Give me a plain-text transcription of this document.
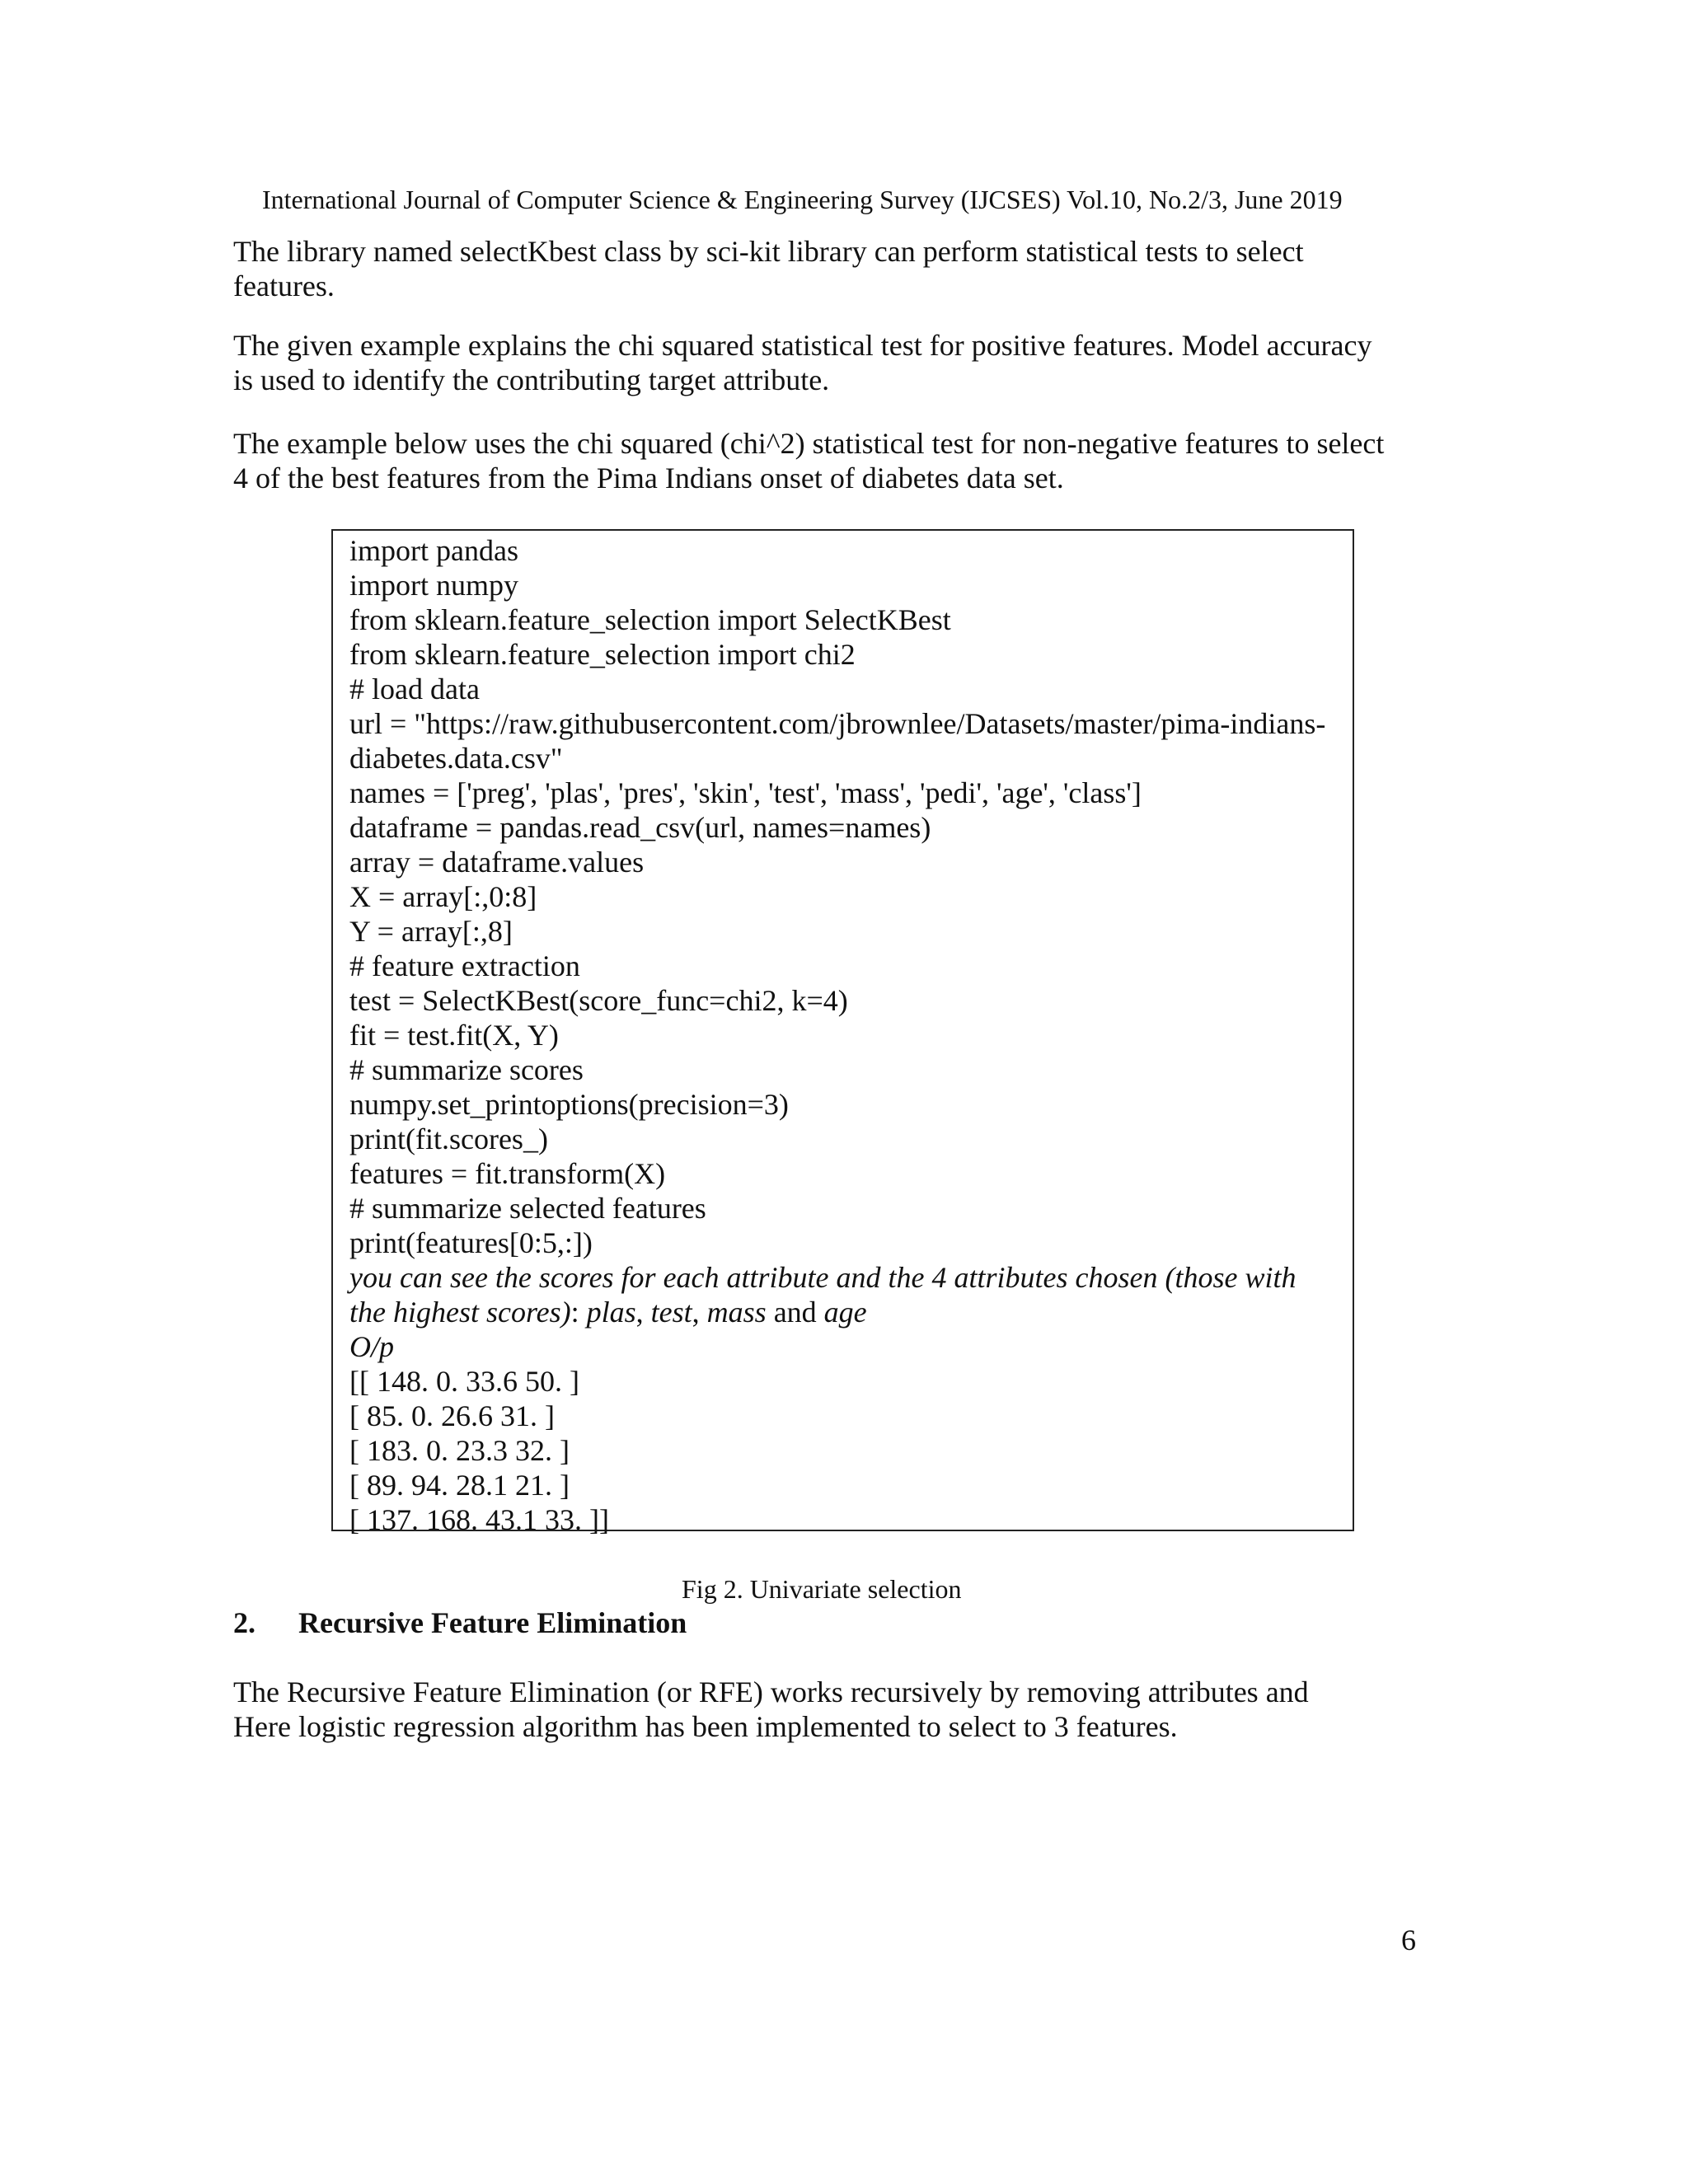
International Journal of Computer Science & Engineering Survey (IJCSES) Vol.10, No.2/3, June 2019
The library named selectKbest class by sci-kit library can perform statistical tests to select
features.
The given example explains the chi squared statistical test for positive features. Model accuracy
is used to identify the contributing target attribute.
The example below uses the chi squared (chi^2) statistical test for non-negative features to select
4 of the best features from the Pima Indians onset of diabetes data set.
import pandas
import numpy
from sklearn.feature_selection import SelectKBest
from sklearn.feature_selection import chi2
# load data
url = "https://raw.githubusercontent.com/jbrownlee/Datasets/master/pima-indians-
diabetes.data.csv"
names = ['preg', 'plas', 'pres', 'skin', 'test', 'mass', 'pedi', 'age', 'class']
dataframe = pandas.read_csv(url, names=names)
array = dataframe.values
X = array[:,0:8]
Y = array[:,8]
# feature extraction
test = SelectKBest(score_func=chi2, k=4)
fit = test.fit(X, Y)
# summarize scores
numpy.set_printoptions(precision=3)
print(fit.scores_)
features = fit.transform(X)
# summarize selected features
print(features[0:5,:])
you can see the scores for each attribute and the 4 attributes chosen (those with
the highest scores): plas, test, mass and age
O/p
[[ 148. 0. 33.6 50. ]
[ 85. 0. 26.6 31. ]
[ 183. 0. 23.3 32. ]
[ 89. 94. 28.1 21. ]
[ 137. 168. 43.1 33. ]]
Fig 2. Univariate selection
2. Recursive Feature Elimination
The Recursive Feature Elimination (or RFE) works recursively by removing attributes and
Here logistic regression algorithm has been implemented to select to 3 features.
6
